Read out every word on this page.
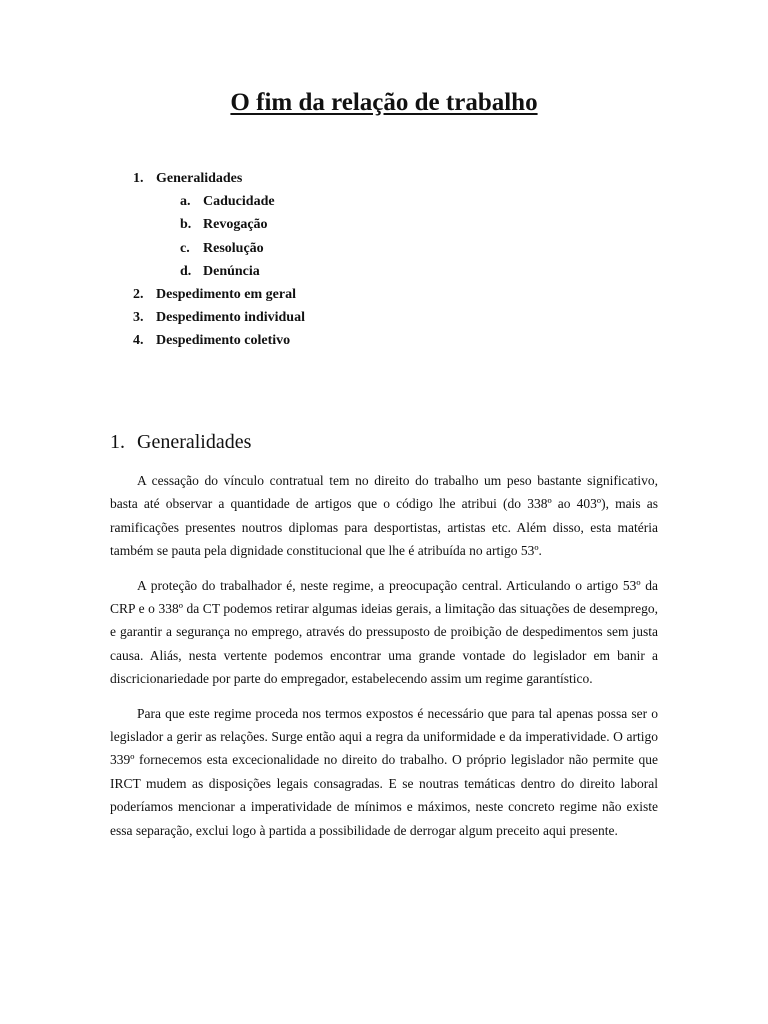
O fim da relação de trabalho
1. Generalidades
a. Caducidade
b. Revogação
c. Resolução
d. Denúncia
2. Despedimento em geral
3. Despedimento individual
4. Despedimento coletivo
1. Generalidades

A cessação do vínculo contratual tem no direito do trabalho um peso bastante significativo, basta até observar a quantidade de artigos que o código lhe atribui (do 338º ao 403º), mais as ramificações presentes noutros diplomas para desportistas, artistas etc. Além disso, esta matéria também se pauta pela dignidade constitucional que lhe é atribuída no artigo 53º.

A proteção do trabalhador é, neste regime, a preocupação central. Articulando o artigo 53º da CRP e o 338º da CT podemos retirar algumas ideias gerais, a limitação das situações de desemprego, e garantir a segurança no emprego, através do pressuposto de proibição de despedimentos sem justa causa. Aliás, nesta vertente podemos encontrar uma grande vontade do legislador em banir a discricionariedade por parte do empregador, estabelecendo assim um regime garantístico.

Para que este regime proceda nos termos expostos é necessário que para tal apenas possa ser o legislador a gerir as relações. Surge então aqui a regra da uniformidade e da imperatividade. O artigo 339º fornecemos esta excecionalidade no direito do trabalho. O próprio legislador não permite que IRCT mudem as disposições legais consagradas. E se noutras temáticas dentro do direito laboral poderíamos mencionar a imperatividade de mínimos e máximos, neste concreto regime não existe essa separação, exclui logo à partida a possibilidade de derrogar algum preceito aqui presente.
